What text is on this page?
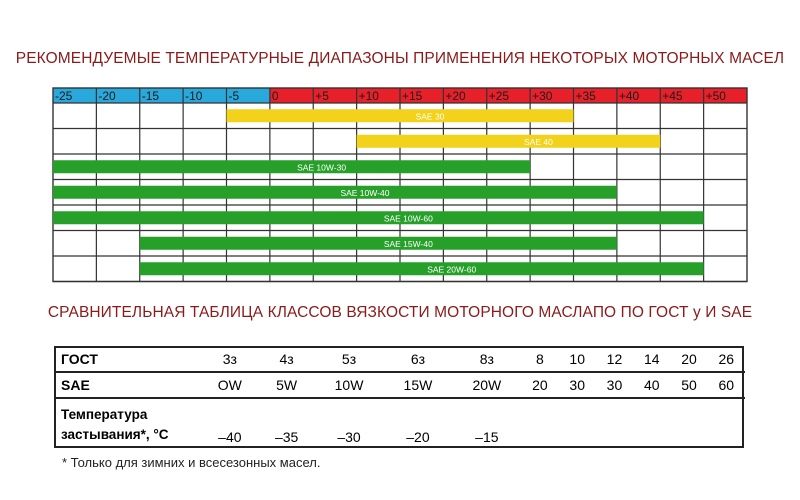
РЕКОМЕНДУЕМЫЕ ТЕМПЕРАТУРНЫЕ ДИАПАЗОНЫ ПРИМЕНЕНИЯ НЕКОТОРЫХ МОТОРНЫХ МАСЕЛ
-25 -20 -15 -10 -5	0	+5 +10 +15 +20 +25 +30 +35 +40 +45 +50
SAE 30
SAE 40
SAE 10W-30
SAE 10W-40
SAE 10W-60
SAE 15W-40
SAE 20W-60
СРАВНИТЕЛЬНАЯ ТАБЛИЦА КЛАССОВ ВЯЗКОСТИ МОТОРНОГО МАСЛАПО ПО ГОСТ у И SAE
ГОСТ	3з	4з	5з	6з	8з	8	10	12	14	20	26
SAE	OW	5W	10W	15W	20W	20	30	30	40	50	60

Температура
застывания*, °С	–40	–35	–30	–20	–15						
* Только для зимних и всесезонных масел.
